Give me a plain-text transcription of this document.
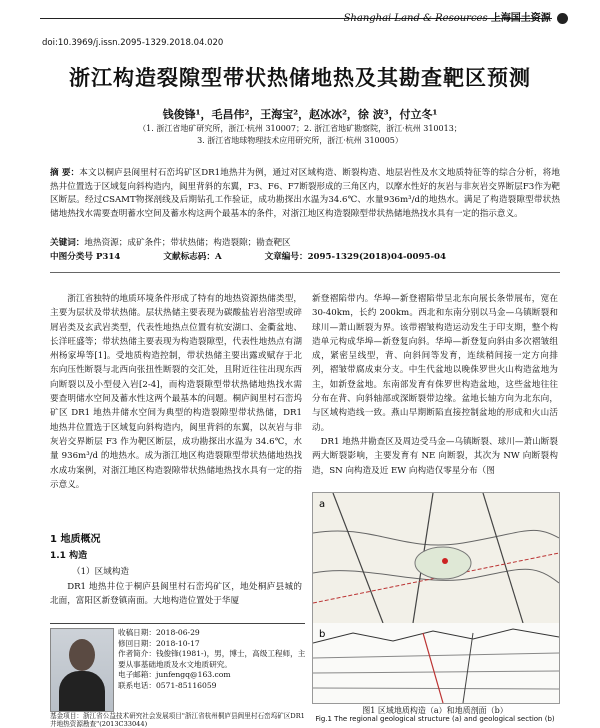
Shanghai Land & Resources 上海国土资源
doi:10.3969/j.issn.2095-1329.2018.04.020
浙江构造裂隙型带状热储地热及其勘查靶区预测
钱俊锋¹，毛昌伟²，王海宝²，赵冰冰²，徐 波³，付立冬¹
（1. 浙江省地矿研究所，浙江·杭州 310007；2. 浙江省地矿勘察院，浙江·杭州 310013；
3. 浙江省地球物理技术应用研究所，浙江·杭州 310005）
摘 要：本文以桐庐县阆里村石峦坞矿区DR1地热井为例，通过对区域构造、断裂构造、地层岩性及水文地质特征等的综合分析，将地热井位置选于区域复向斜构造内，阆里背斜的东翼，F3、F6、F7断裂形成的三角区内，以摩水性好的灰岩与非灰岩交界断层F3作为靶区断层。经过CSAMT物探剖线及后期钻孔工作验证，成功勘探出水温为34.6℃、水量936m³/d的地热水。满足了构造裂隙型带状热储地热找水需要查明蓄水空间及蓄水构这两个最基本的条件，对浙江地区构造裂隙型带状热储地热找水具有一定的指示意义。
关键词：地热资源；成矿条件；带状热储；构造裂隙；勘查靶区
中图分类号 P314	文献标志码：A	文章编号：2095-1329(2018)04-0095-04
浙江省独特的地质环境条件形成了特有的地热资源热储类型，主要为层状及带状热储。层状热储主要表现为碳酸盐岩岩溶型或碎屑岩类及玄武岩类型，代表性地热点位置有杭安湖口、金衢盆地、长洋旺盛等；带状热储主要表现为构造裂隙型，代表性地热点有湖州杨家埠等[1]。受地质构造控制，带状热储主要出露或赋存于北东向压性断裂与北西向张扭性断裂的交汇处，且附近往往出现东西向断裂以及小型侵入岩[2-4]，而构造裂隙型带状热储地热找水需要查明储水空间及蓄水性这两个最基本的问题。桐庐阆里村石峦坞矿区 DR1 地热井储水空间为典型的构造裂隙型带状热储，DR1 地热井位置选于区域复向斜构造内，阆里背斜的东翼，以灰岩与非灰岩交界断层 F3 作为靶区断层，成功勘探出水温为 34.6℃，水量 936m³/d 的地热水。成为浙江地区构造裂隙型带状热储地热找水成功案例，对浙江地区构造裂隙带状热储地热找水具有一定的指示意义。
1 地质概况
1.1 构造
（1）区域构造
DR1 地热井位于桐庐县阆里村石峦坞矿区，地处桐庐县城的北面，富阳区新登镇南面。大地构造位置处于华厦
收稿日期：2018-06-29
修回日期：2018-10-17
作者简介：钱俊锋(1981-)，男，博士，高级工程师，主要从事基础地质及水文地质研究。
电子邮箱：junfengq@163.com
联系电话：0571-85116059
基金项目：浙江省公益技术研究社会发展项目"浙江省杭州桐庐县阆里村石峦坞矿区DR1井地热资源勘查"(2013C33044)
新登褶陷带内。华埠—新登褶陷带呈北东向展长条带展布，宽在 30-40km，长约 200km。西北和东南分别以马金—乌镇断裂和球川—萧山断裂为界。该带褶皱构造运动发生于印支期，整个构造单元构成华埠—新登复向斜。华埠—新登复向斜由多次褶皱组成，紧密呈线型，背、向斜间等发育，连续稍间接一定方向排列，褶皱带腐成束分支。中生代盆地以晚侏罗世火山构造盆地为主，如新登盆地。东南部发育有侏罗世构造盆地，这些盆地往往分布在背、向斜轴部或深断裂带边缘。盆地长轴方向为北东向，与区域构造线一致。燕山早期断陷直接控制盆地的形成和火山活动。
　DR1 地热井勘查区及周边受马金—乌镇断裂、球川—萧山断裂两大断裂影响，主要发育有 NE 向断裂，其次为 NW 向断裂构造，SN 向构造及近 EW 向构造仅零星分布（图
a
b
图1 区域地质构造（a）和地质剖面（b）
Fig.1 The regional geological structure (a) and geological section (b)
